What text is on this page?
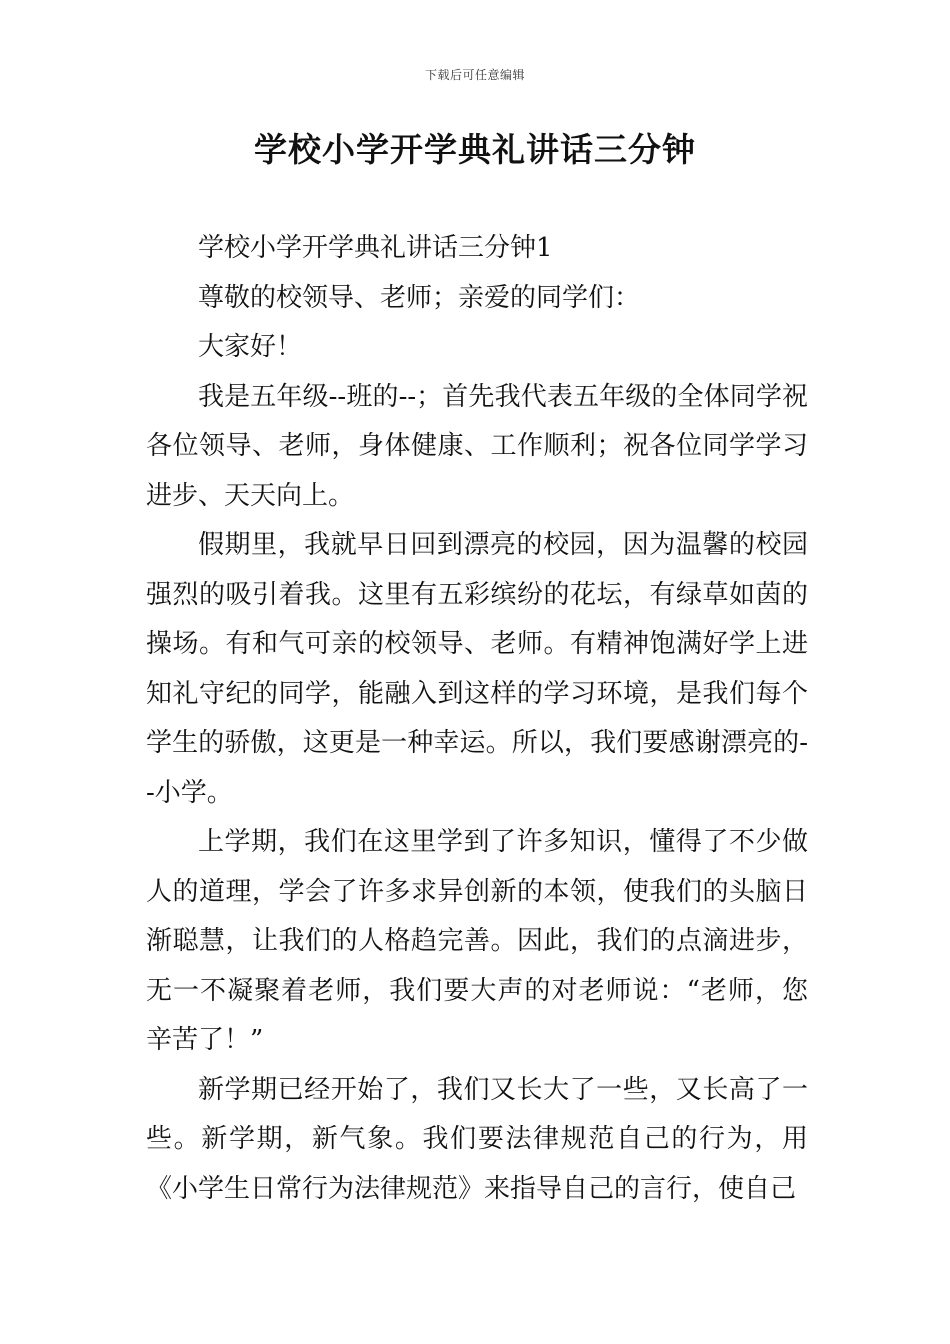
下载后可任意编辑
学校小学开学典礼讲话三分钟

学校小学开学典礼讲话三分钟1

尊敬的校领导、老师；亲爱的同学们：

大家好！

我是五年级--班的--；首先我代表五年级的全体同学祝各位领导、老师，身体健康、工作顺利；祝各位同学学习进步、天天向上。

假期里，我就早日回到漂亮的校园，因为温馨的校园强烈的吸引着我。这里有五彩缤纷的花坛，有绿草如茵的操场。有和气可亲的校领导、老师。有精神饱满好学上进知礼守纪的同学，能融入到这样的学习环境，是我们每个学生的骄傲，这更是一种幸运。所以，我们要感谢漂亮的--小学。

上学期，我们在这里学到了许多知识，懂得了不少做人的道理，学会了许多求异创新的本领，使我们的头脑日渐聪慧，让我们的人格趋完善。因此，我们的点滴进步，无一不凝聚着老师，我们要大声的对老师说：“老师，您辛苦了！”

新学期已经开始了，我们又长大了一些，又长高了一些。新学期，新气象。我们要法律规范自己的行为，用《小学生日常行为法律规范》来指导自己的言行，使自己
